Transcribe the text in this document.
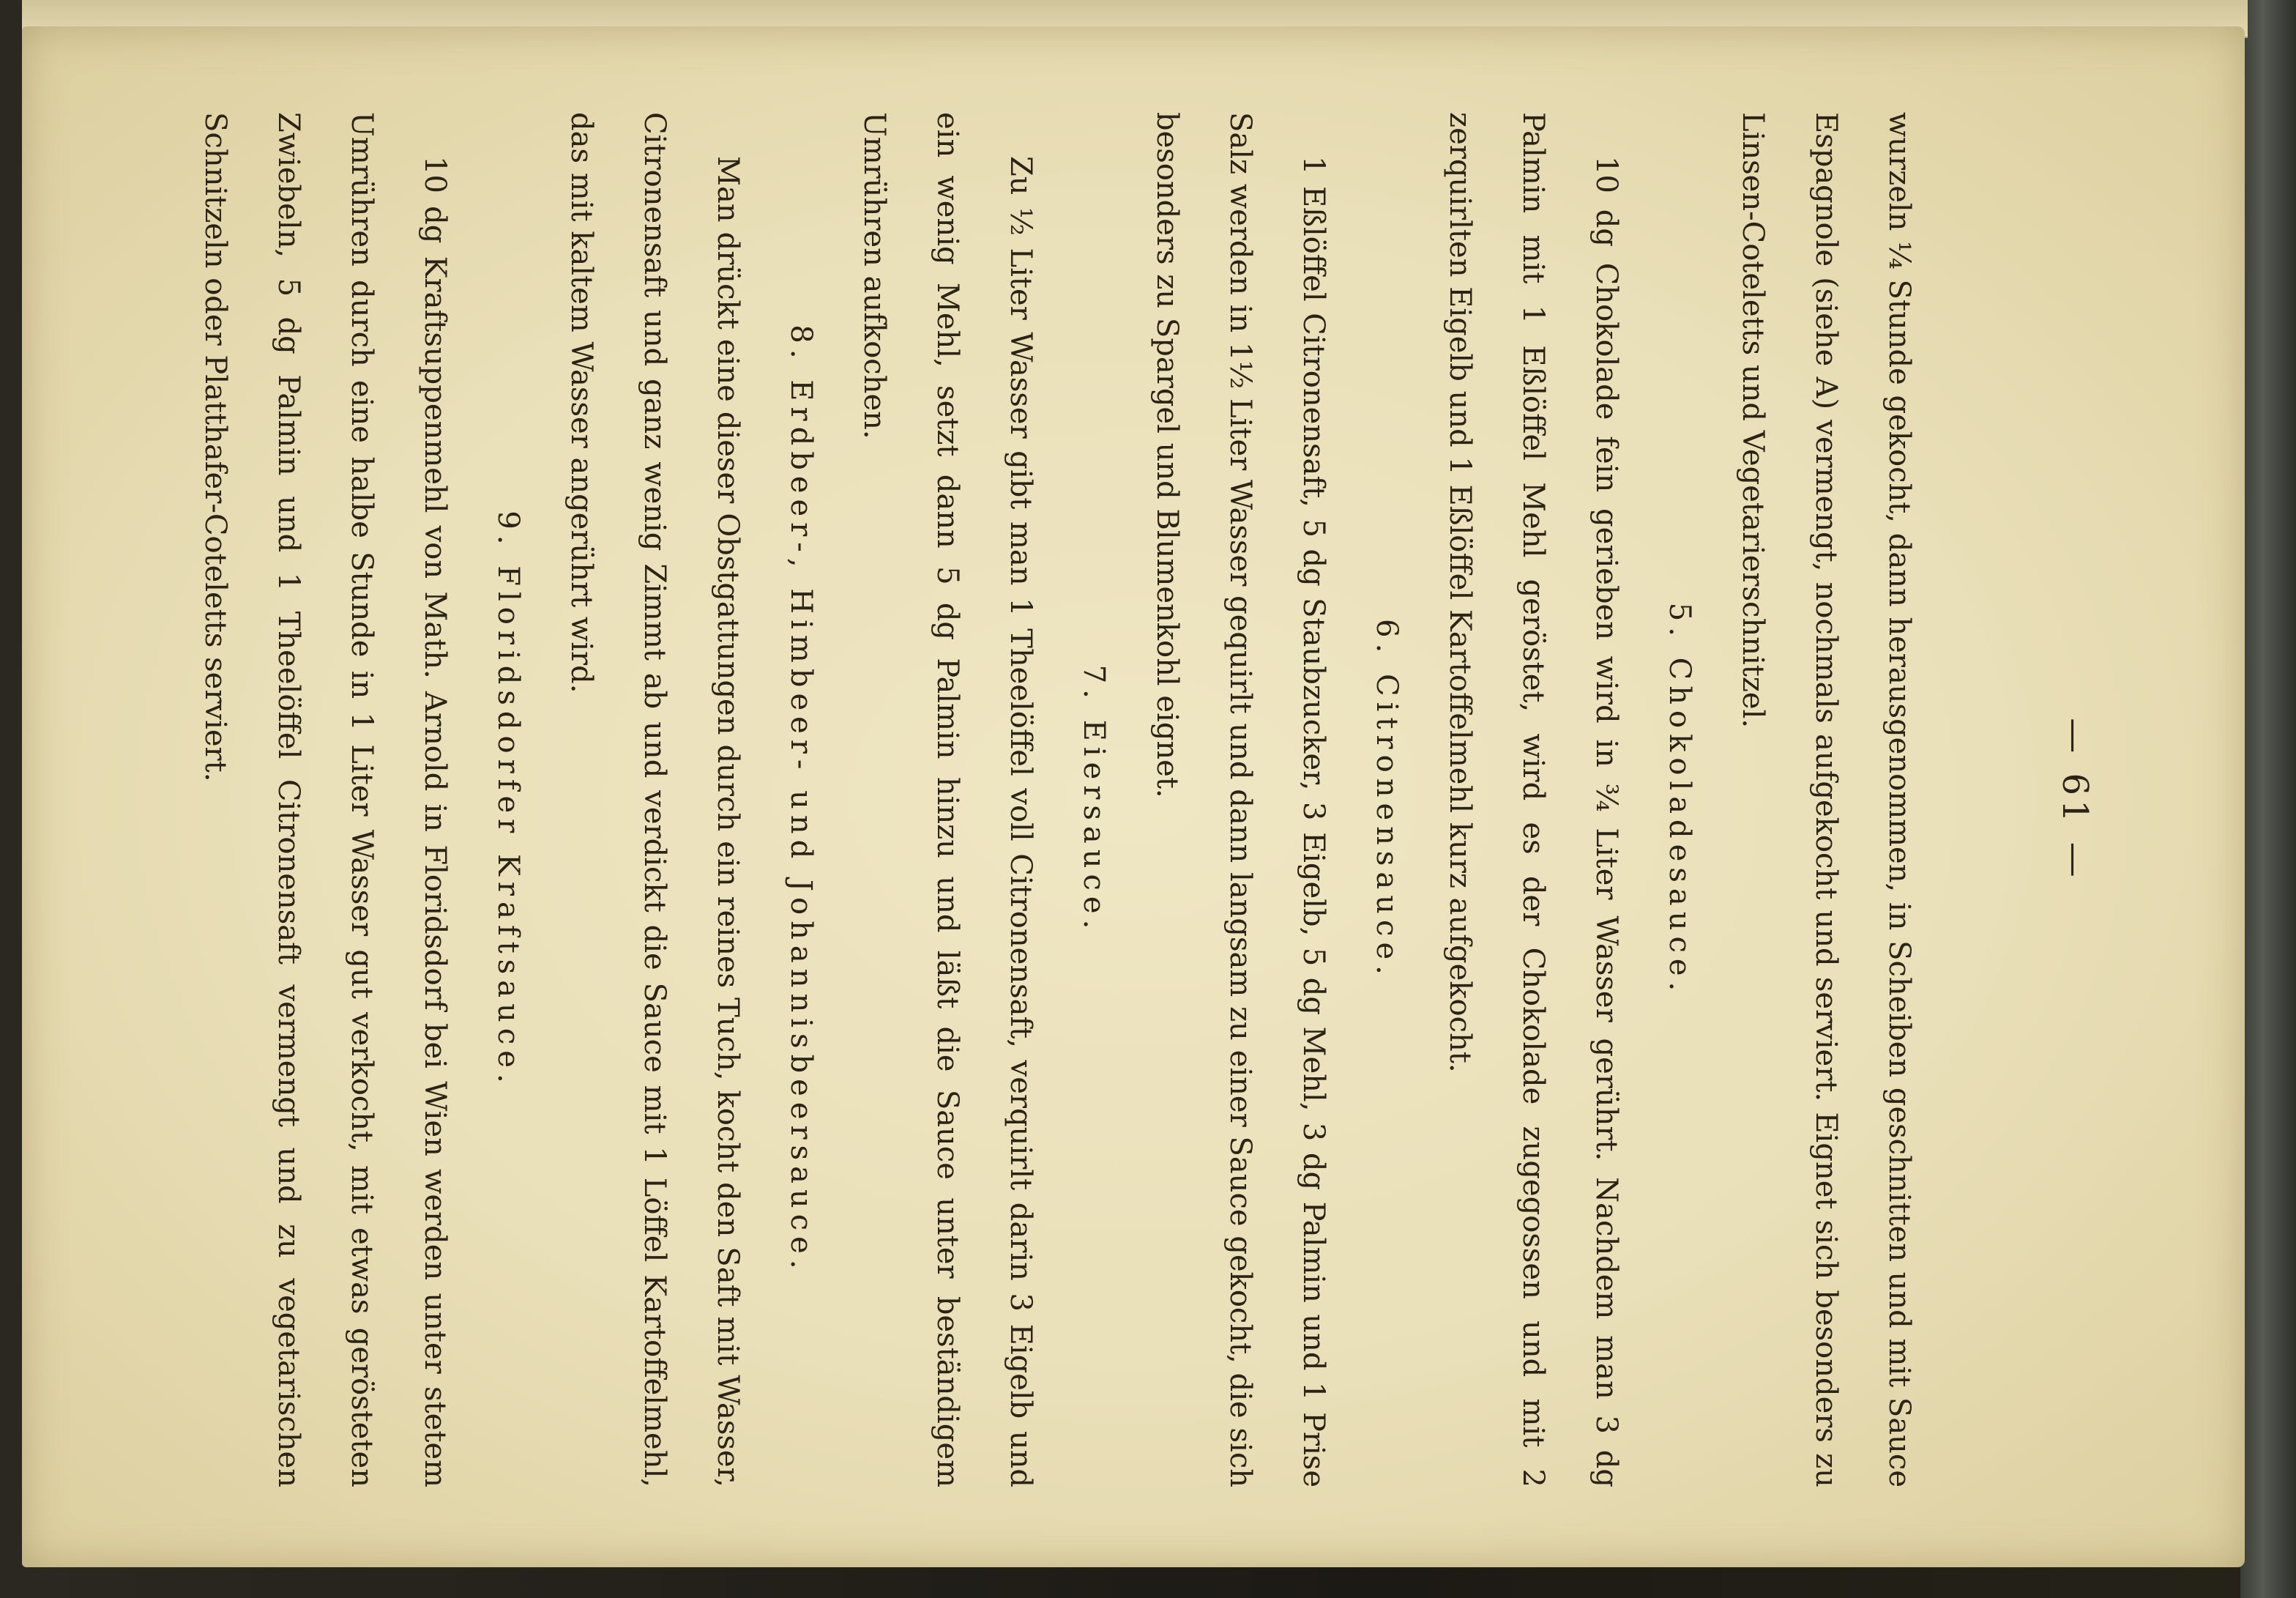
— 61 —

wurzeln ¼ Stunde gekocht, dann herausgenommen, in Scheiben geschnitten und mit Sauce Espagnole (siehe A) vermengt, nochmals aufgekocht und serviert. Eignet sich besonders zu Linsen-Coteletts und Vegetarierschnitzel.

5. Chokoladesauce.

10 dg Chokolade fein gerieben wird in ¾ Liter Wasser gerührt. Nachdem man 3 dg Palmin mit 1 Eßlöffel Mehl geröstet, wird es der Chokolade zugegossen und mit 2 zerquirlten Eigelb und 1 Eßlöffel Kartoffelmehl kurz aufgekocht.

6. Citronensauce.

1 Eßlöffel Citronensaft, 5 dg Staubzucker, 3 Eigelb, 5 dg Mehl, 3 dg Palmin und 1 Prise Salz werden in 1½ Liter Wasser gequirlt und dann langsam zu einer Sauce gekocht, die sich besonders zu Spargel und Blumenkohl eignet.

7. Eiersauce.

Zu ½ Liter Wasser gibt man 1 Theelöffel voll Citronensaft, verquirlt darin 3 Eigelb und ein wenig Mehl, setzt dann 5 dg Palmin hinzu und läßt die Sauce unter beständigem Umrühren aufkochen.

8. Erdbeer-, Himbeer- und Johannisbeersauce.

Man drückt eine dieser Obstgattungen durch ein reines Tuch, kocht den Saft mit Wasser, Citronensaft und ganz wenig Zimmt ab und verdickt die Sauce mit 1 Löffel Kartoffelmehl, das mit kaltem Wasser angerührt wird.

9. Floridsdorfer Kraftsauce.

10 dg Kraftsuppenmehl von Math. Arnold in Floridsdorf bei Wien werden unter stetem Umrühren durch eine halbe Stunde in 1 Liter Wasser gut verkocht, mit etwas gerösteten Zwiebeln, 5 dg Palmin und 1 Theelöffel Citronensaft vermengt und zu vegetarischen Schnitzeln oder Platthafer-Coteletts serviert.
